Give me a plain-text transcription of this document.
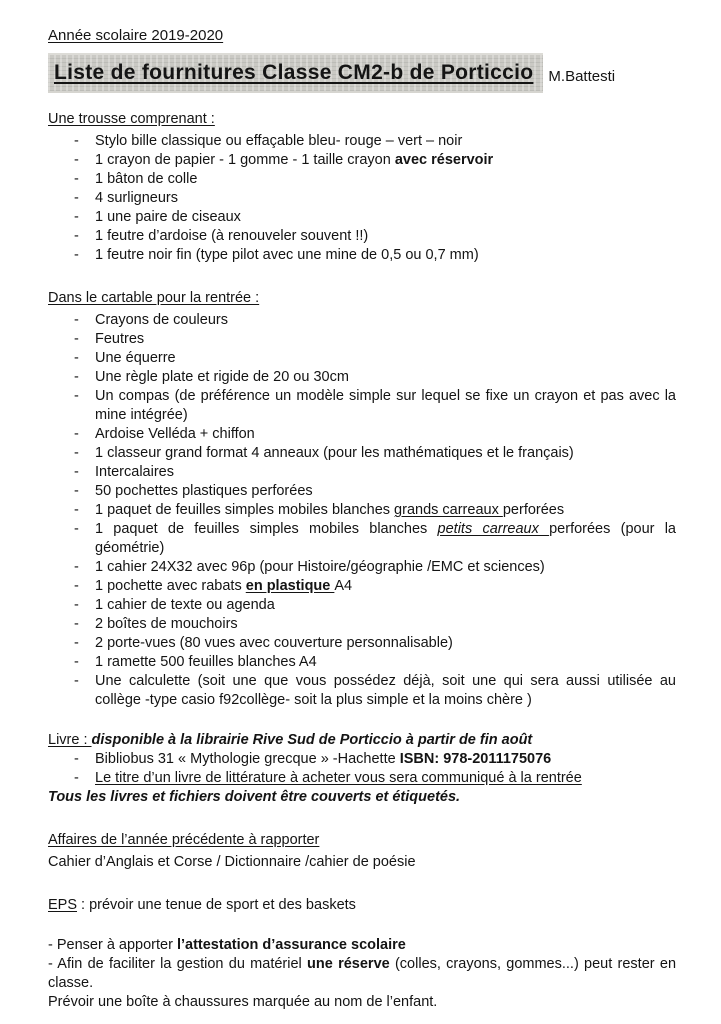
Année scolaire 2019-2020
Liste de fournitures Classe CM2-b de Porticcio	M.Battesti
Une trousse comprenant :
- Stylo bille classique ou effaçable bleu- rouge – vert – noir
- 1 crayon de papier - 1 gomme - 1 taille crayon avec réservoir
- 1 bâton de colle
- 4 surligneurs
- 1 une paire de ciseaux
- 1 feutre d’ardoise (à renouveler souvent !!)
- 1 feutre noir fin (type pilot avec une mine de 0,5 ou 0,7 mm)
Dans le cartable pour la rentrée :
- Crayons de couleurs
- Feutres
- Une équerre
- Une règle plate et rigide de 20 ou 30cm
- Un compas (de préférence un modèle simple sur lequel se fixe un crayon et pas avec la mine intégrée)
- Ardoise Velléda + chiffon
- 1 classeur grand format 4 anneaux (pour les mathématiques et le français)
- Intercalaires
- 50 pochettes plastiques perforées
- 1 paquet de feuilles simples mobiles blanches grands carreaux perforées
- 1 paquet de feuilles simples mobiles blanches petits carreaux perforées (pour la géométrie)
- 1 cahier 24X32 avec 96p (pour Histoire/géographie /EMC et sciences)
- 1 pochette avec rabats en plastique A4
- 1 cahier de texte ou agenda
- 2 boîtes de mouchoirs
- 2 porte-vues (80 vues avec couverture personnalisable)
- 1 ramette 500 feuilles blanches A4
- Une calculette (soit une que vous possédez déjà, soit une qui sera aussi utilisée au collège -type casio f92collège- soit la plus simple et la moins chère )
Livre : disponible à la librairie Rive Sud de Porticcio à partir de fin août
- Bibliobus 31 « Mythologie grecque » -Hachette ISBN: 978-2011175076
- Le titre d’un livre de littérature à acheter vous sera communiqué à la rentrée
Tous les livres et fichiers doivent être couverts et étiquetés.
Affaires de l’année précédente à rapporter
Cahier d’Anglais et Corse / Dictionnaire /cahier de poésie
EPS : prévoir une tenue de sport et des baskets

- Penser à apporter l’attestation d’assurance scolaire

- Afin de faciliter la gestion du matériel une réserve (colles, crayons, gommes...) peut rester en classe.

Prévoir une boîte à chaussures marquée au nom de l’enfant.
